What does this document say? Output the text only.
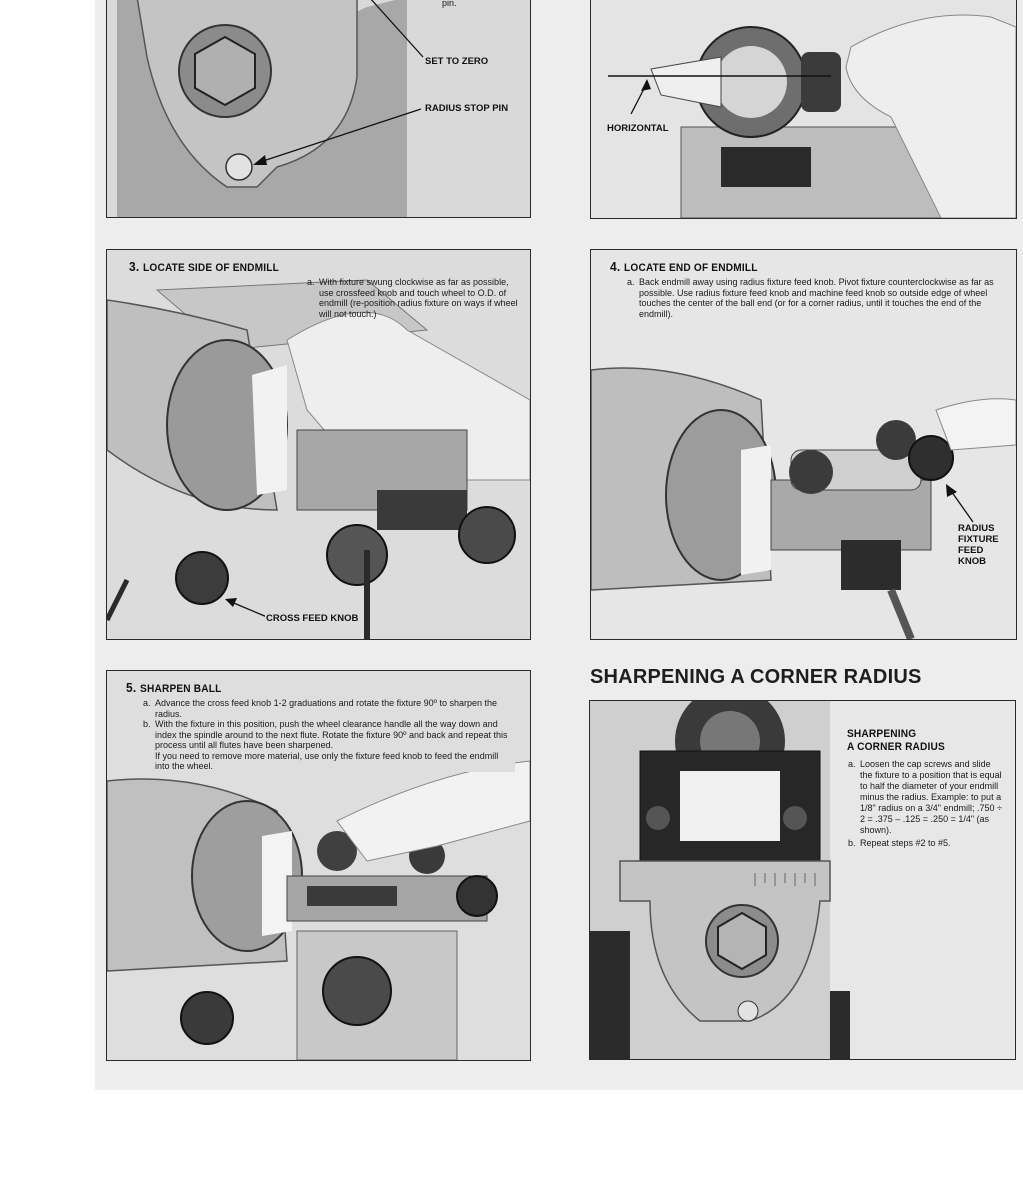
pin.
SET TO ZERO
RADIUS STOP PIN
HORIZONTAL
3. LOCATE SIDE OF ENDMILL
a. With fixture swung clockwise as far as possible, use crossfeed knob and touch wheel to O.D. of endmill (re-position radius fixture on ways if wheel will not touch.)
CROSS FEED KNOB
4. LOCATE END OF ENDMILL
a. Back endmill away using radius fixture feed knob. Pivot fixture counterclockwise as far as possible. Use radius fixture feed knob and machine feed knob so outside edge of wheel touches the center of the ball end (or for a corner radius, until it touches the end of the endmill).
RADIUS
FIXTURE
FEED
KNOB
5. SHARPEN BALL
a. Advance the cross feed knob 1-2 graduations and rotate the fixture 90º to sharpen the radius.
b. With the fixture in this position, push the wheel clearance handle all the way down and index the spindle around to the next flute. Rotate the fixture 90º and back and repeat this process until all flutes have been sharpened.
If you need to remove more material, use only the fixture feed knob to feed the endmill into the wheel.
SHARPENING A CORNER RADIUS
SHARPENING
A CORNER RADIUS
a. Loosen the cap screws and slide the fixture to a position that is equal to half the diameter of your endmill minus the radius. Example: to put a 1/8" radius on a 3/4" endmill; .750 ÷ 2 = .375 – .125 = .250 = 1/4" (as shown).
b. Repeat steps #2 to #5.
